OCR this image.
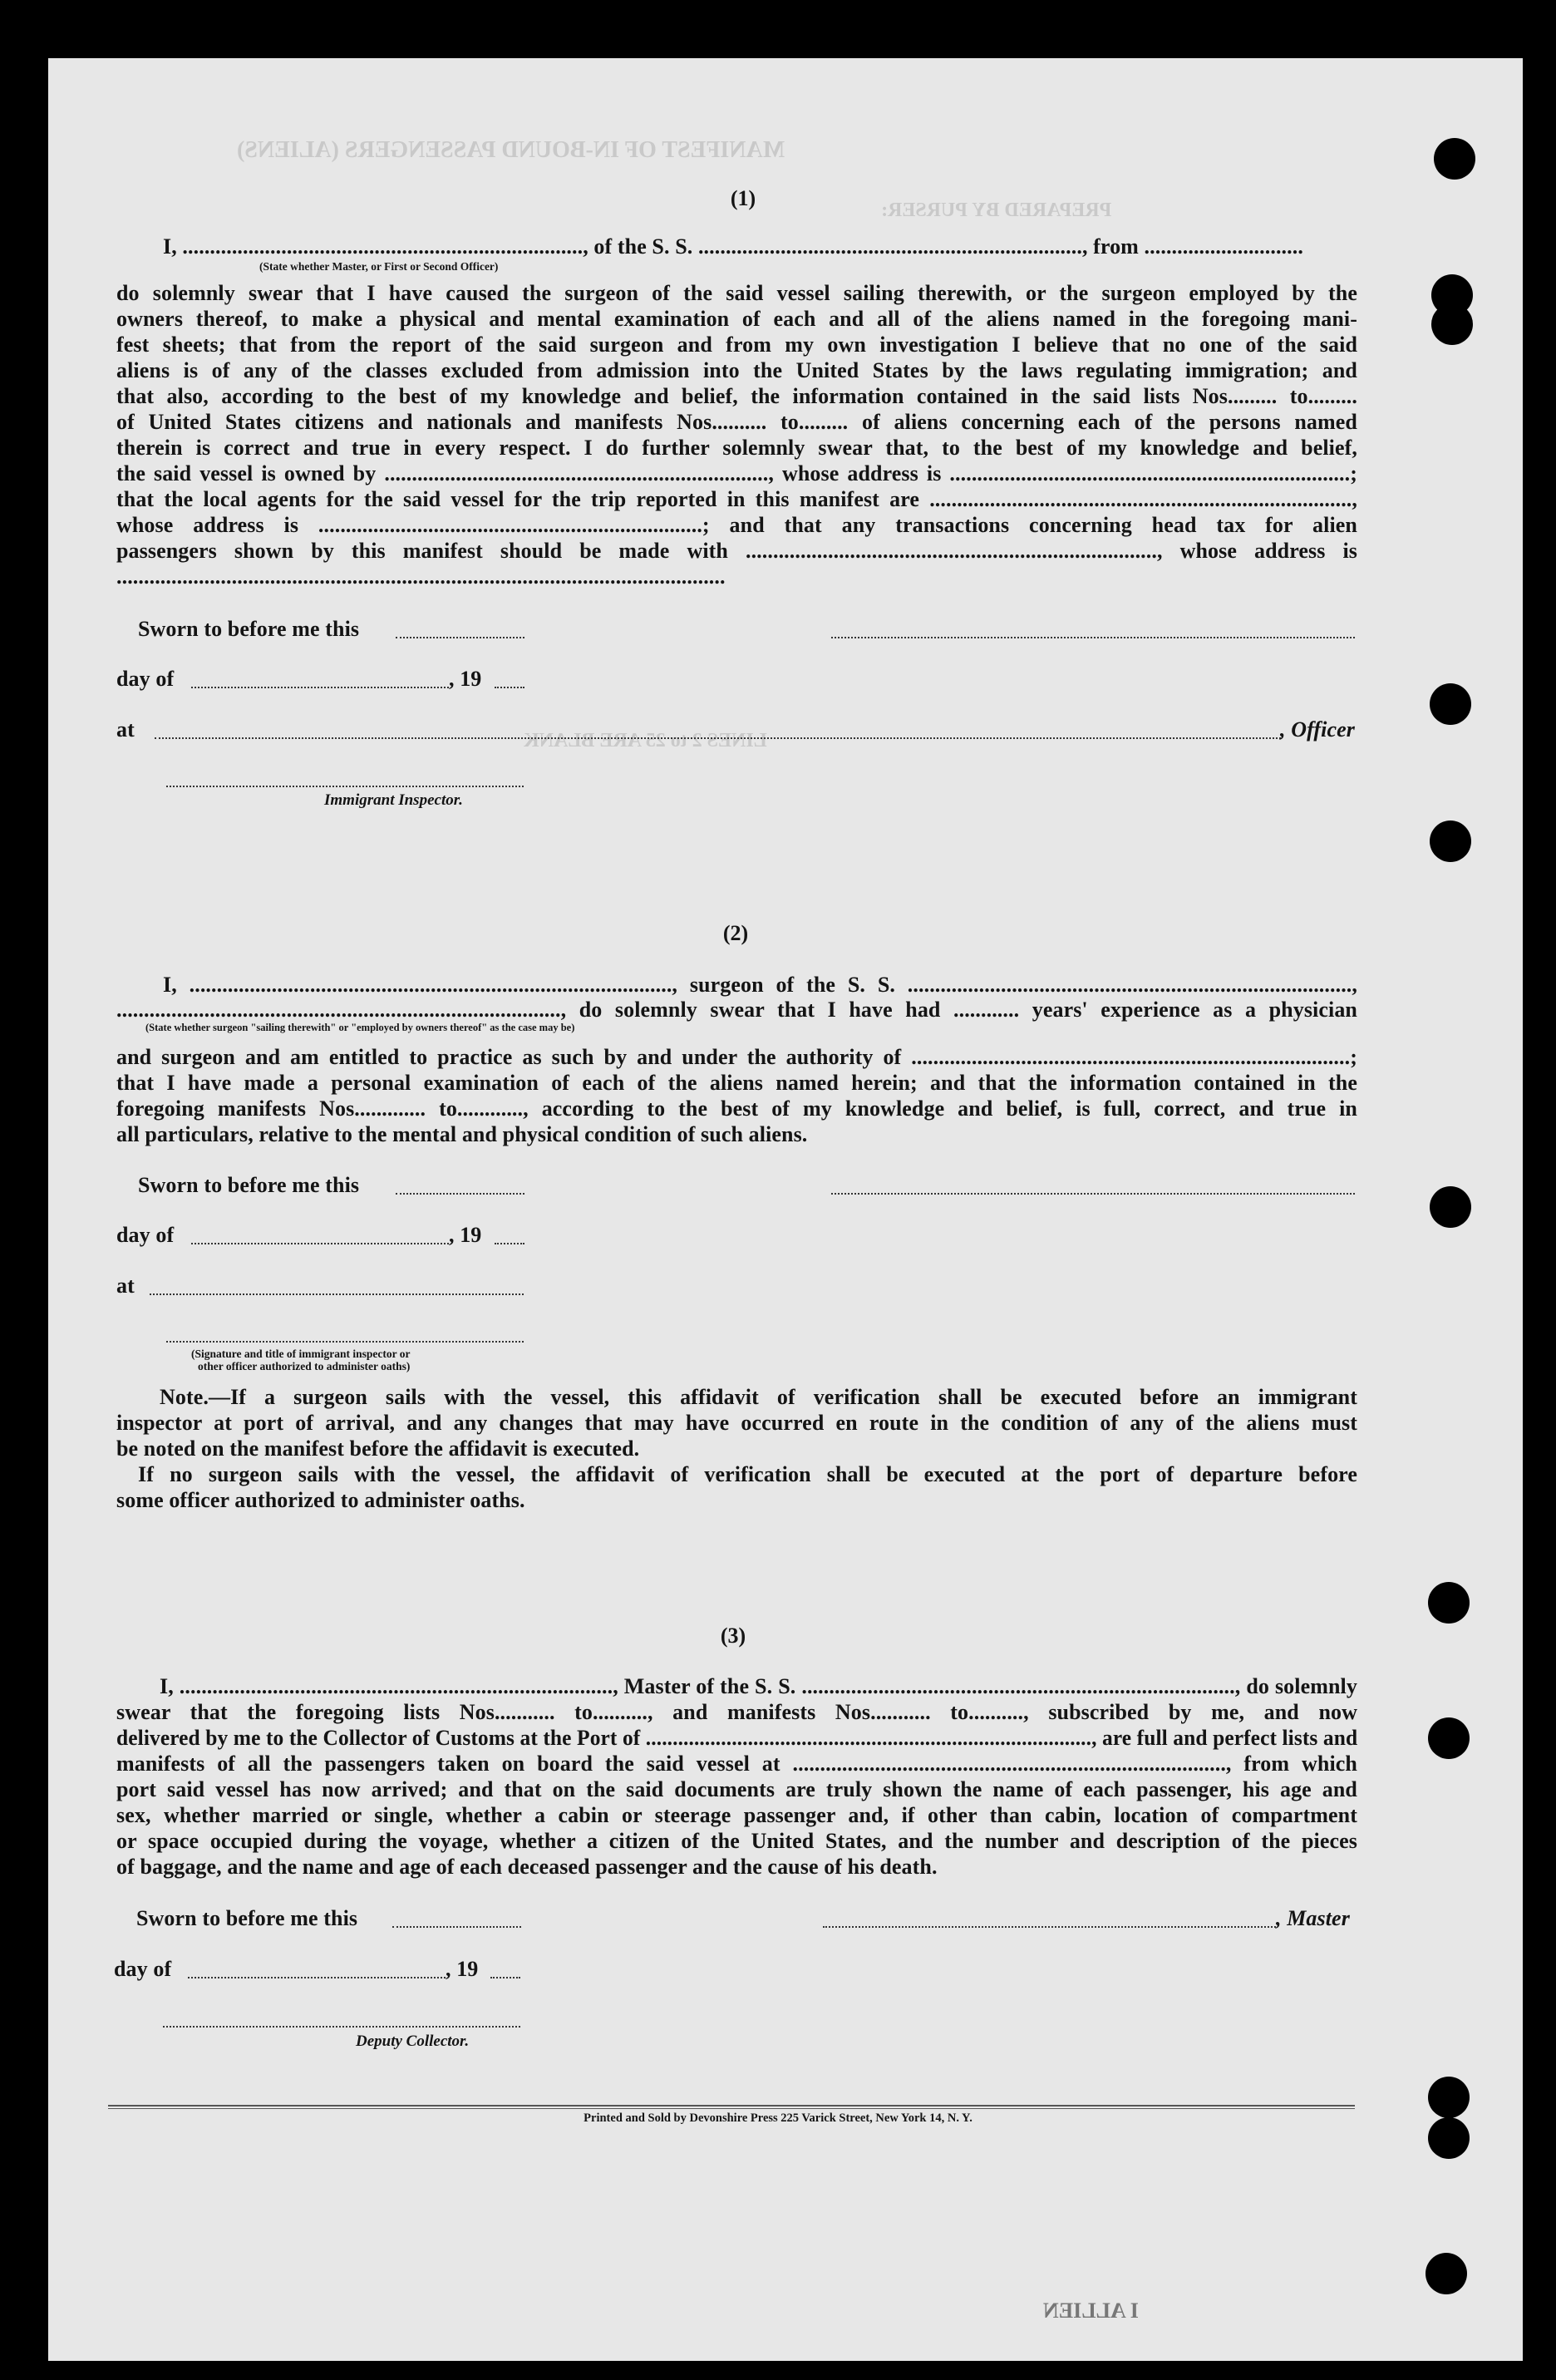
MANIFEST OF IN-BOUND PASSENGERS (ALIENS)
PREPARED BY PURSER:
LINES 2 to 25 ARE BLANK
I ALLIEN
(1)
I, ........................................................................., of the S. S. ......................................................................, from .............................
(State whether Master, or First or Second Officer)
do solemnly swear that I have caused the surgeon of the said vessel sailing therewith, or the surgeon employed by the
owners thereof, to make a physical and mental examination of each and all of the aliens named in the foregoing mani-
fest sheets; that from the report of the said surgeon and from my own investigation I believe that no one of the said
aliens is of any of the classes excluded from admission into the United States by the laws regulating immigration; and
that also, according to the best of my knowledge and belief, the information contained in the said lists Nos......... to.........
of United States citizens and nationals and manifests Nos.......... to......... of aliens concerning each of the persons named
therein is correct and true in every respect. I do further solemnly swear that, to the best of my knowledge and belief,
the said vessel is owned by ......................................................................, whose address is .........................................................................;
that the local agents for the said vessel for the trip reported in this manifest are .............................................................................,
whose address is ......................................................................; and that any transactions concerning head tax for alien
passengers shown by this manifest should be made with ..........................................................................., whose address is
...............................................................................................................
Sworn to before me this
day of	, 19
at	, Officer
Immigrant Inspector.
(2)
I, ........................................................................................, surgeon of the S. S. .................................................................................,
................................................................................., do solemnly swear that I have had ............ years' experience as a physician
(State whether surgeon "sailing therewith" or "employed by owners thereof" as the case may be)
and surgeon and am entitled to practice as such by and under the authority of ................................................................................;
that I have made a personal examination of each of the aliens named herein; and that the information contained in the
foregoing manifests Nos............. to............, according to the best of my knowledge and belief, is full, correct, and true in
all particulars, relative to the mental and physical condition of such aliens.
Sworn to before me this
day of	, 19
at
(Signature and title of immigrant inspector or
other officer authorized to administer oaths)
Note.—If a surgeon sails with the vessel, this affidavit of verification shall be executed before an immigrant
inspector at port of arrival, and any changes that may have occurred en route in the condition of any of the aliens must
be noted on the manifest before the affidavit is executed.
If no surgeon sails with the vessel, the affidavit of verification shall be executed at the port of departure before
some officer authorized to administer oaths.
(3)
I, ..............................................................................., Master of the S. S. ..............................................................................., do solemnly
swear that the foregoing lists Nos........... to.........., and manifests Nos........... to.........., subscribed by me, and now
delivered by me to the Collector of Customs at the Port of ..................................................................................., are full and perfect lists and
manifests of all the passengers taken on board the said vessel at ..............................................................................., from which
port said vessel has now arrived; and that on the said documents are truly shown the name of each passenger, his age and
sex, whether married or single, whether a cabin or steerage passenger and, if other than cabin, location of compartment
or space occupied during the voyage, whether a citizen of the United States, and the number and description of the pieces
of baggage, and the name and age of each deceased passenger and the cause of his death.
Sworn to before me this	, Master
day of	, 19
Deputy Collector.
Printed and Sold by Devonshire Press 225 Varick Street, New York 14, N. Y.
